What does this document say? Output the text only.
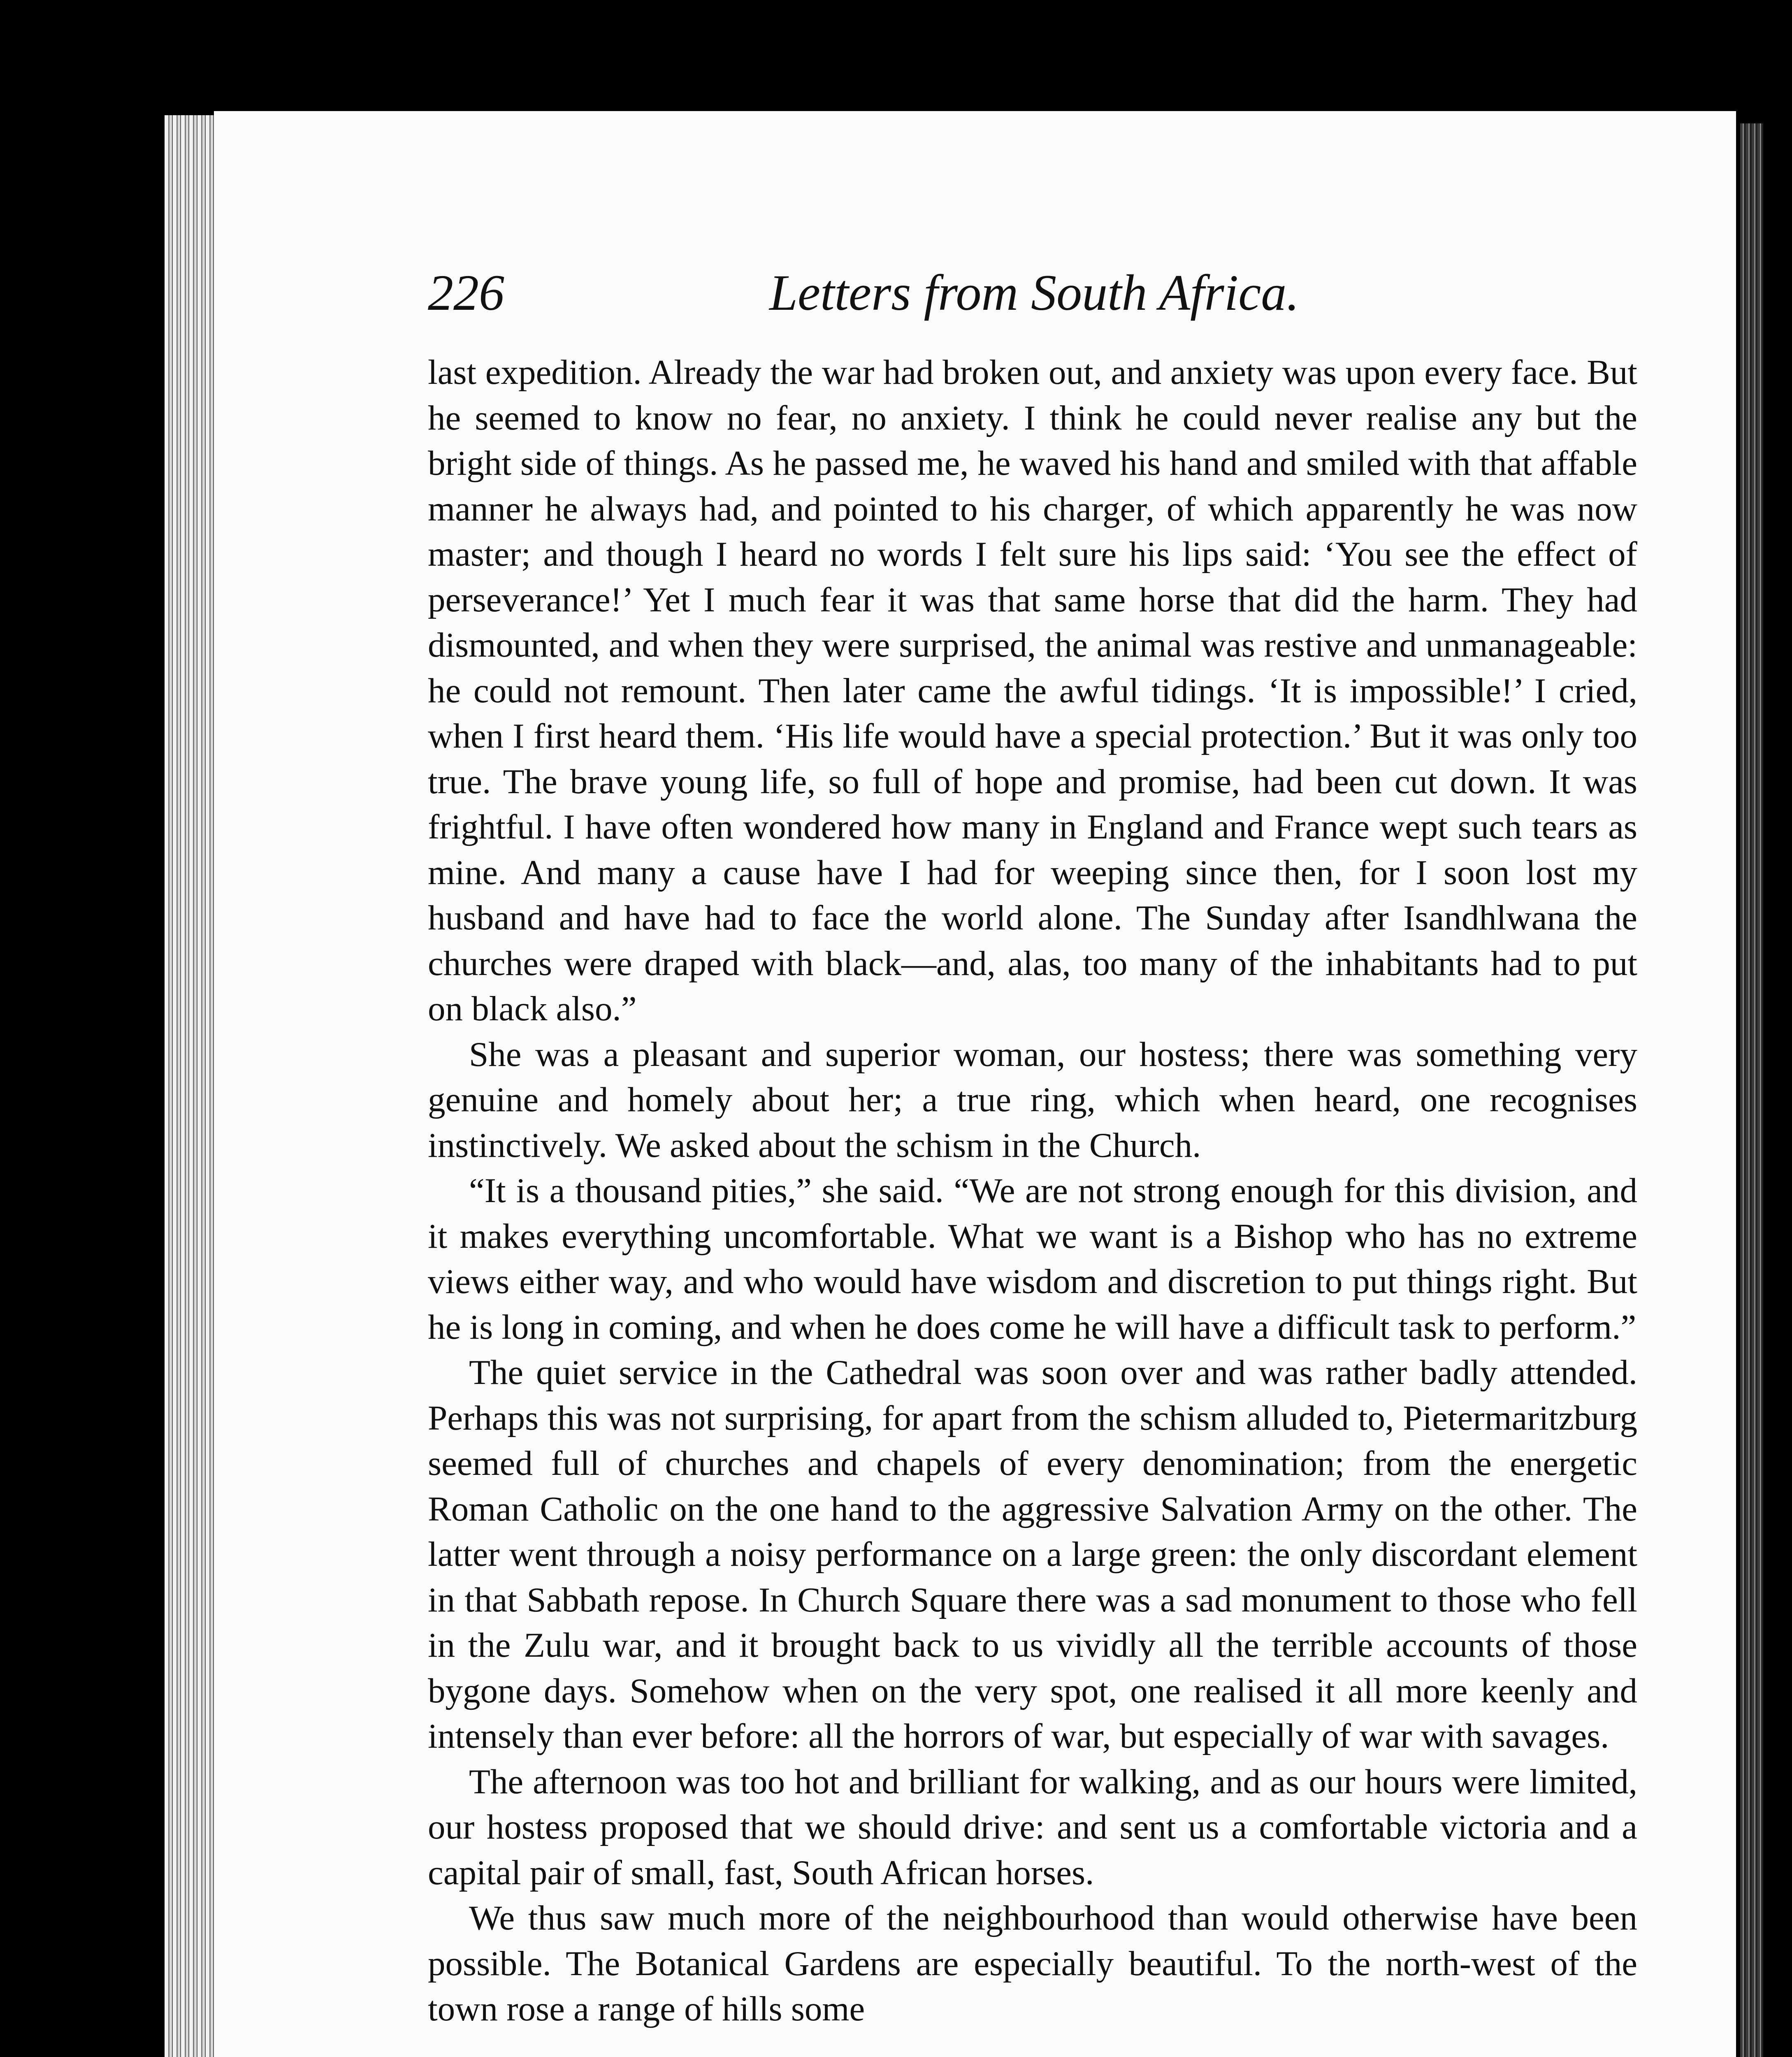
226	Letters from South Africa.

last expedition. Already the war had broken out, and anxiety was upon every face. But he seemed to know no fear, no anxiety. I think he could never realise any but the bright side of things. As he passed me, he waved his hand and smiled with that affable manner he always had, and pointed to his charger, of which apparently he was now master; and though I heard no words I felt sure his lips said: ‘You see the effect of perseverance!’ Yet I much fear it was that same horse that did the harm. They had dismounted, and when they were surprised, the animal was restive and unmanageable: he could not remount. Then later came the awful tidings. ‘It is impossible!’ I cried, when I first heard them. ‘His life would have a special protection.’ But it was only too true. The brave young life, so full of hope and promise, had been cut down. It was frightful. I have often wondered how many in England and France wept such tears as mine. And many a cause have I had for weeping since then, for I soon lost my husband and have had to face the world alone. The Sunday after Isandhlwana the churches were draped with black—and, alas, too many of the inhabitants had to put on black also.”

She was a pleasant and superior woman, our hostess; there was something very genuine and homely about her; a true ring, which when heard, one recognises instinctively. We asked about the schism in the Church.

“It is a thousand pities,” she said. “We are not strong enough for this division, and it makes everything uncomfortable. What we want is a Bishop who has no extreme views either way, and who would have wisdom and discretion to put things right. But he is long in coming, and when he does come he will have a difficult task to perform.”

The quiet service in the Cathedral was soon over and was rather badly attended. Perhaps this was not surprising, for apart from the schism alluded to, Pietermaritzburg seemed full of churches and chapels of every denomination; from the energetic Roman Catholic on the one hand to the aggressive Salvation Army on the other. The latter went through a noisy performance on a large green: the only discordant element in that Sabbath repose. In Church Square there was a sad monument to those who fell in the Zulu war, and it brought back to us vividly all the terrible accounts of those bygone days. Somehow when on the very spot, one realised it all more keenly and intensely than ever before: all the horrors of war, but especially of war with savages.

The afternoon was too hot and brilliant for walking, and as our hours were limited, our hostess proposed that we should drive: and sent us a comfortable victoria and a capital pair of small, fast, South African horses.

We thus saw much more of the neighbourhood than would otherwise have been possible. The Botanical Gardens are especially beautiful. To the north-west of the town rose a range of hills some
